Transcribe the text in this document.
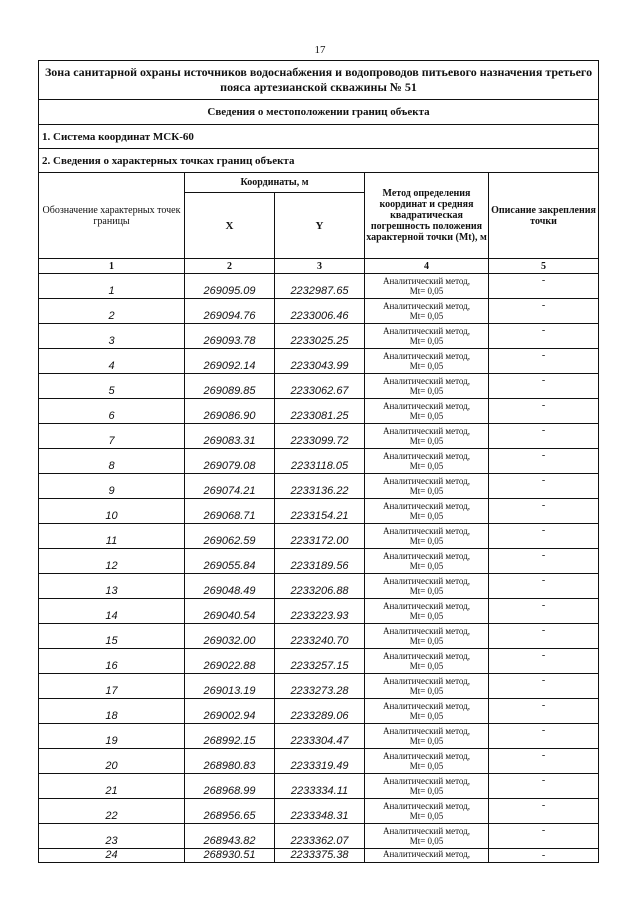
17
Зона санитарной охраны источников водоснабжения и водопроводов питьевого назначения третьего пояса артезианской скважины № 51				
Сведения о местоположении границ объекта				
1. Система координат МСК-60				
2. Сведения о характерных точках границ объекта				
Обозначение характерных точек границы	Координаты, м		Метод определения координат и средняя квадратическая погрешность положения характерной точки (Mt), м	Описание закрепления точки
	X	Y		
1	2	3	4	5
1	269095.09	2232987.65	Аналитический метод,
Mt= 0,05	-
2	269094.76	2233006.46	Аналитический метод,
Mt= 0,05	-
3	269093.78	2233025.25	Аналитический метод,
Mt= 0,05	-
4	269092.14	2233043.99	Аналитический метод,
Mt= 0,05	-
5	269089.85	2233062.67	Аналитический метод,
Mt= 0,05	-
6	269086.90	2233081.25	Аналитический метод,
Mt= 0,05	-
7	269083.31	2233099.72	Аналитический метод,
Mt= 0,05	-
8	269079.08	2233118.05	Аналитический метод,
Mt= 0,05	-
9	269074.21	2233136.22	Аналитический метод,
Mt= 0,05	-
10	269068.71	2233154.21	Аналитический метод,
Mt= 0,05	-
11	269062.59	2233172.00	Аналитический метод,
Mt= 0,05	-
12	269055.84	2233189.56	Аналитический метод,
Mt= 0,05	-
13	269048.49	2233206.88	Аналитический метод,
Mt= 0,05	-
14	269040.54	2233223.93	Аналитический метод,
Mt= 0,05	-
15	269032.00	2233240.70	Аналитический метод,
Mt= 0,05	-
16	269022.88	2233257.15	Аналитический метод,
Mt= 0,05	-
17	269013.19	2233273.28	Аналитический метод,
Mt= 0,05	-
18	269002.94	2233289.06	Аналитический метод,
Mt= 0,05	-
19	268992.15	2233304.47	Аналитический метод,
Mt= 0,05	-
20	268980.83	2233319.49	Аналитический метод,
Mt= 0,05	-
21	268968.99	2233334.11	Аналитический метод,
Mt= 0,05	-
22	268956.65	2233348.31	Аналитический метод,
Mt= 0,05	-
23	268943.82	2233362.07	Аналитический метод,
Mt= 0,05	-
24	268930.51	2233375.38	Аналитический метод,	-
